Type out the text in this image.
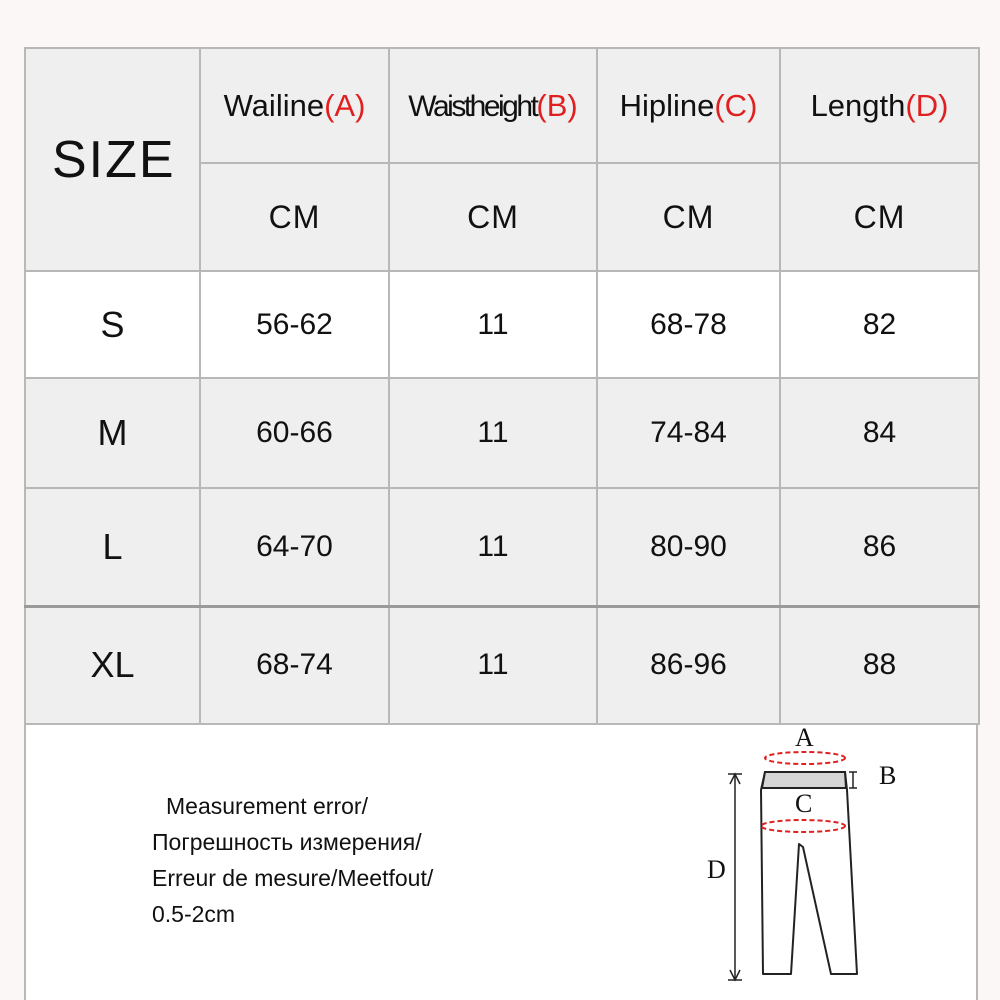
SIZE	Wailine(A)	Waistheight(B)	Hipline(C)	Length(D)
	CM	CM	CM	CM
S	56-62	11	68-78	82
M	60-66	11	74-84	84
L	64-70	11	80-90	86
XL	68-74	11	86-96	88
Measurement error/
Погрешность измерения/
Erreur de mesure/Meetfout/
0.5-2cm
A
B
C
D
